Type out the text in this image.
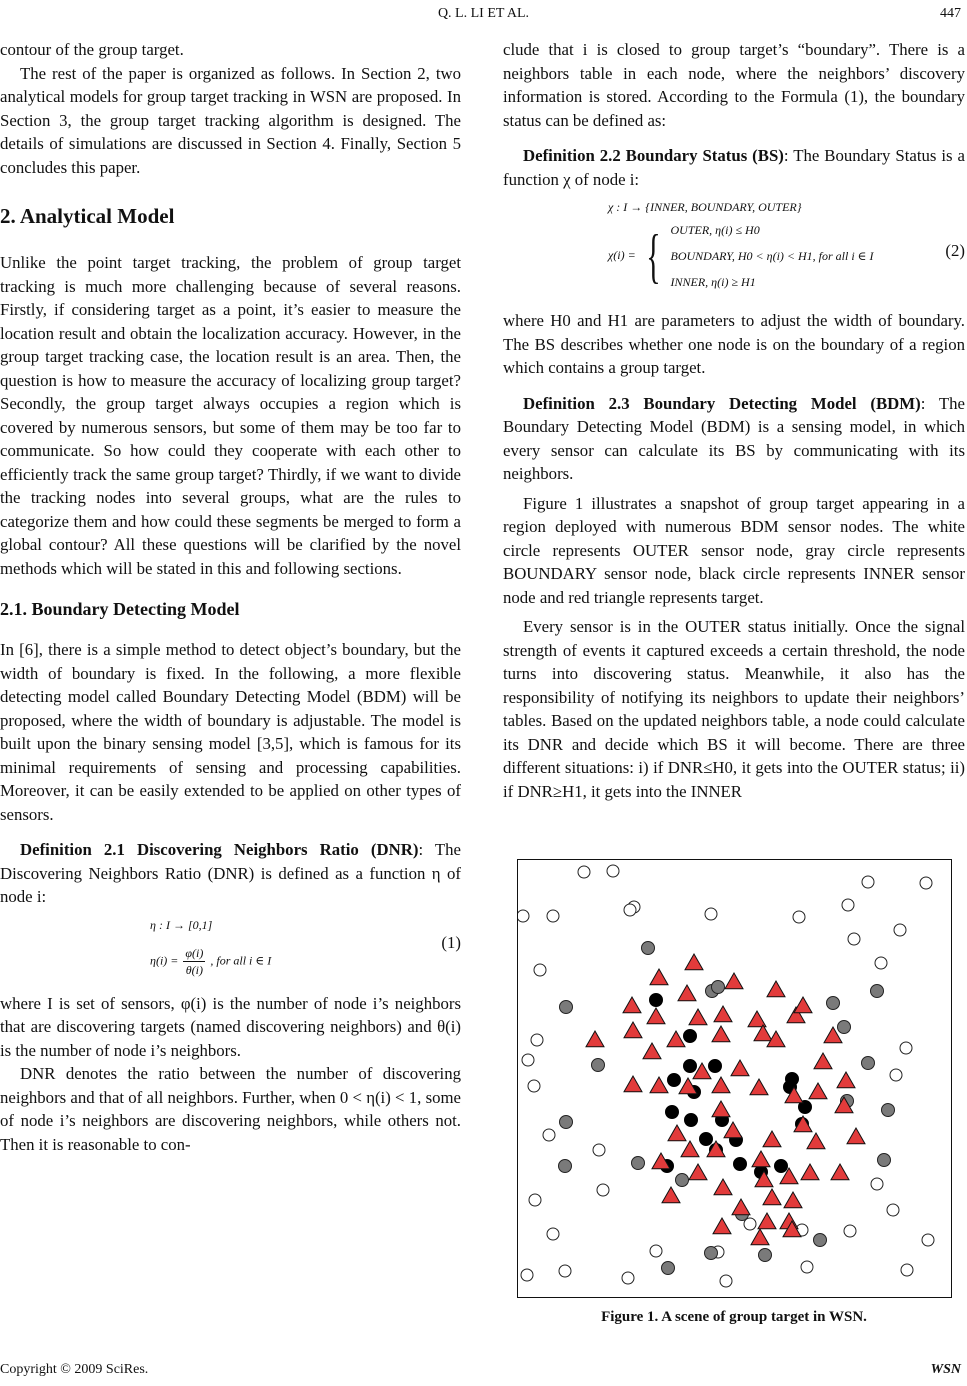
Q. L. LI ET AL.	447

contour of the group target.

The rest of the paper is organized as follows. In Section 2, two analytical models for group target tracking in WSN are proposed. In Section 3, the group target tracking algorithm is designed. The details of simulations are discussed in Section 4. Finally, Section 5 concludes this paper.

2. Analytical Model

Unlike the point target tracking, the problem of group target tracking is much more challenging because of several reasons. Firstly, if considering target as a point, it’s easier to measure the location result and obtain the localization accuracy. However, in the group target tracking case, the location result is an area. Then, the question is how to measure the accuracy of localizing group target? Secondly, the group target always occupies a region which is covered by numerous sensors, but some of them may be too far to communicate. So how could they cooperate with each other to efficiently track the same group target? Thirdly, if we want to divide the tracking nodes into several groups, what are the rules to categorize them and how could these segments be merged to form a global contour? All these questions will be clarified by the novel methods which will be stated in this and following sections.

2.1. Boundary Detecting Model

In [6], there is a simple method to detect object’s boundary, but the width of boundary is fixed. In the following, a more flexible detecting model called Boundary Detecting Model (BDM) will be proposed, where the width of boundary is adjustable. The model is built upon the binary sensing model [3,5], which is famous for its minimal requirements of sensing and processing capabilities. Moreover, it can be easily extended to be applied on other types of sensors.

Definition 2.1 Discovering Neighbors Ratio (DNR): The Discovering Neighbors Ratio (DNR) is defined as a function η of node i:

η : I → [0,1]
$\eta(i) = \frac{\varphi(i)}{\theta(i)}$ , for all i ∈ I
(1)

where I is set of sensors, φ(i) is the number of node i’s neighbors that are discovering targets (named discovering neighbors) and θ(i) is the number of node i’s neighbors.

DNR denotes the ratio between the number of discovering neighbors and that of all neighbors. Further, when 0 < η(i) < 1, some of node i’s neighbors are discovering neighbors, while others not. Then it is reasonable to con-

clude that i is closed to group target’s “boundary”. There is a neighbors table in each node, where the neighbors’ discovery information is stored. According to the Formula (1), the boundary status can be defined as:

Definition 2.2 Boundary Status (BS): The Boundary Status is a function χ of node i:

χ : I → {INNER, BOUNDARY, OUTER}
χ(i) = { OUTER, η(i) ≤ H0
BOUNDARY, H0 < η(i) < H1, for all i ∈ I
INNER, η(i) ≥ H1
(2)

where H0 and H1 are parameters to adjust the width of boundary. The BS describes whether one node is on the boundary of a region which contains a group target.

Definition 2.3 Boundary Detecting Model (BDM): The Boundary Detecting Model (BDM) is a sensing model, in which every sensor can calculate its BS by communicating with its neighbors.

Figure 1 illustrates a snapshot of group target appearing in a region deployed with numerous BDM sensor nodes. The white circle represents OUTER sensor node, gray circle represents BOUNDARY sensor node, black circle represents INNER sensor node and red triangle represents target.

Every sensor is in the OUTER status initially. Once the signal strength of events it captured exceeds a certain threshold, the node turns into discovering status. Meanwhile, it also has the responsibility of notifying its neighbors to update their neighbors’ tables. Based on the updated neighbors table, a node could calculate its DNR and decide which BS it will become. There are three different situations: i) if DNR≤H0, it gets into the OUTER status; ii) if DNR≥H1, it gets into the INNER

Figure 1. A scene of group target in WSN.
Copyright © 2009 SciRes.	WSN
